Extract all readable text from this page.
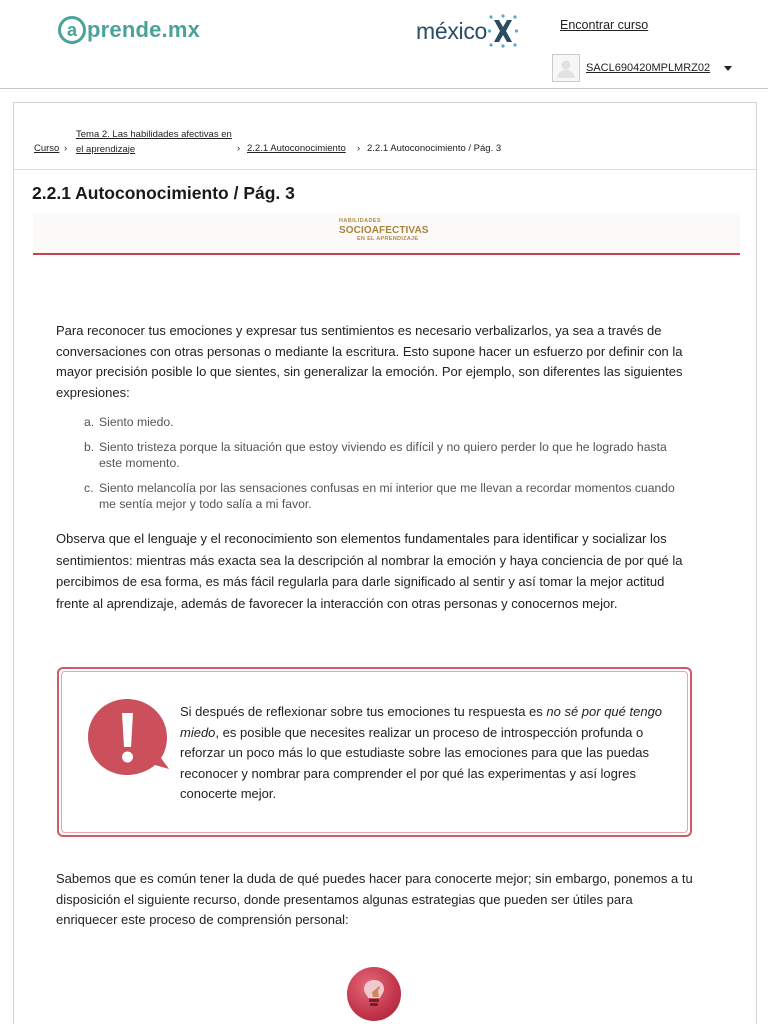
a prende.mx	méxico	Encontrar curso
SACL690420MPLMRZ02
Curso ›
Tema 2. Las habilidades afectivas en el aprendizaje	› 2.2.1 Autoconocimiento › 2.2.1 Autoconocimiento / Pág. 3
2.2.1 Autoconocimiento / Pág. 3
HABILIDADES
SOCIOAFECTIVAS
EN EL APRENDIZAJE

Para reconocer tus emociones y expresar tus sentimientos es necesario verbalizarlos, ya sea a través de conversaciones con otras personas o mediante la escritura. Esto supone hacer un esfuerzo por definir con la mayor precisión posible lo que sientes, sin generalizar la emoción. Por ejemplo, son diferentes las siguientes expresiones:

a. Siento miedo.
b. Siento tristeza porque la situación que estoy viviendo es difícil y no quiero perder lo que he logrado hasta este momento.
c. Siento melancolía por las sensaciones confusas en mi interior que me llevan a recordar momentos cuando me sentía mejor y todo salía a mi favor.

Observa que el lenguaje y el reconocimiento son elementos fundamentales para identificar y socializar los sentimientos: mientras más exacta sea la descripción al nombrar la emoción y haya conciencia de por qué la percibimos de esa forma, es más fácil regularla para darle significado al sentir y así tomar la mejor actitud frente al aprendizaje, además de favorecer la interacción con otras personas y conocernos mejor.

Si después de reflexionar sobre tus emociones tu respuesta es no sé por qué tengo miedo, es posible que necesites realizar un proceso de introspección profunda o reforzar un poco más lo que estudiaste sobre las emociones para que las puedas reconocer y nombrar para comprender el por qué las experimentas y así logres conocerte mejor.

Sabemos que es común tener la duda de qué puedes hacer para conocerte mejor; sin embargo, ponemos a tu disposición el siguiente recurso, donde presentamos algunas estrategias que pueden ser útiles para enriquecer este proceso de comprensión personal:
